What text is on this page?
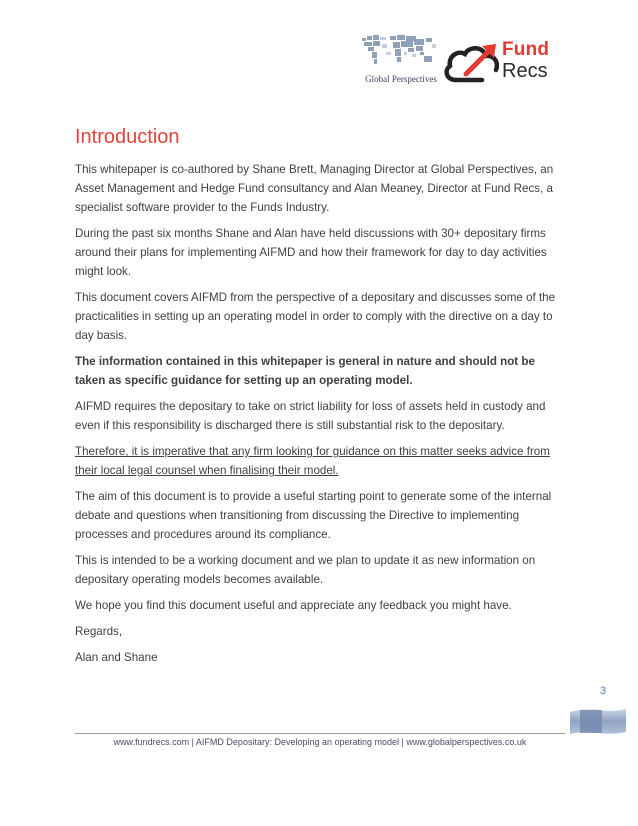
Global Perspectives
Fund
Recs
Introduction

This whitepaper is co-authored by Shane Brett, Managing Director at Global Perspectives, an Asset Management and Hedge Fund consultancy and Alan Meaney, Director at Fund Recs, a specialist software provider to the Funds Industry.

During the past six months Shane and Alan have held discussions with 30+ depositary firms around their plans for implementing AIFMD and how their framework for day to day activities might look.

This document covers AIFMD from the perspective of a depositary and discusses some of the practicalities in setting up an operating model in order to comply with the directive on a day to day basis.

The information contained in this whitepaper is general in nature and should not be taken as specific guidance for setting up an operating model.

AIFMD requires the depositary to take on strict liability for loss of assets held in custody and even if this responsibility is discharged there is still substantial risk to the depositary.

Therefore, it is imperative that any firm looking for guidance on this matter seeks advice from their local legal counsel when finalising their model.

The aim of this document is to provide a useful starting point to generate some of the internal debate and questions when transitioning from discussing the Directive to implementing processes and procedures around its compliance.

This is intended to be a working document and we plan to update it as new information on depositary operating models becomes available.

We hope you find this document useful and appreciate any feedback you might have.

Regards,

Alan and Shane

3
www.fundrecs.com | AIFMD Depositary: Developing an operating model | www.globalperspectives.co.uk
